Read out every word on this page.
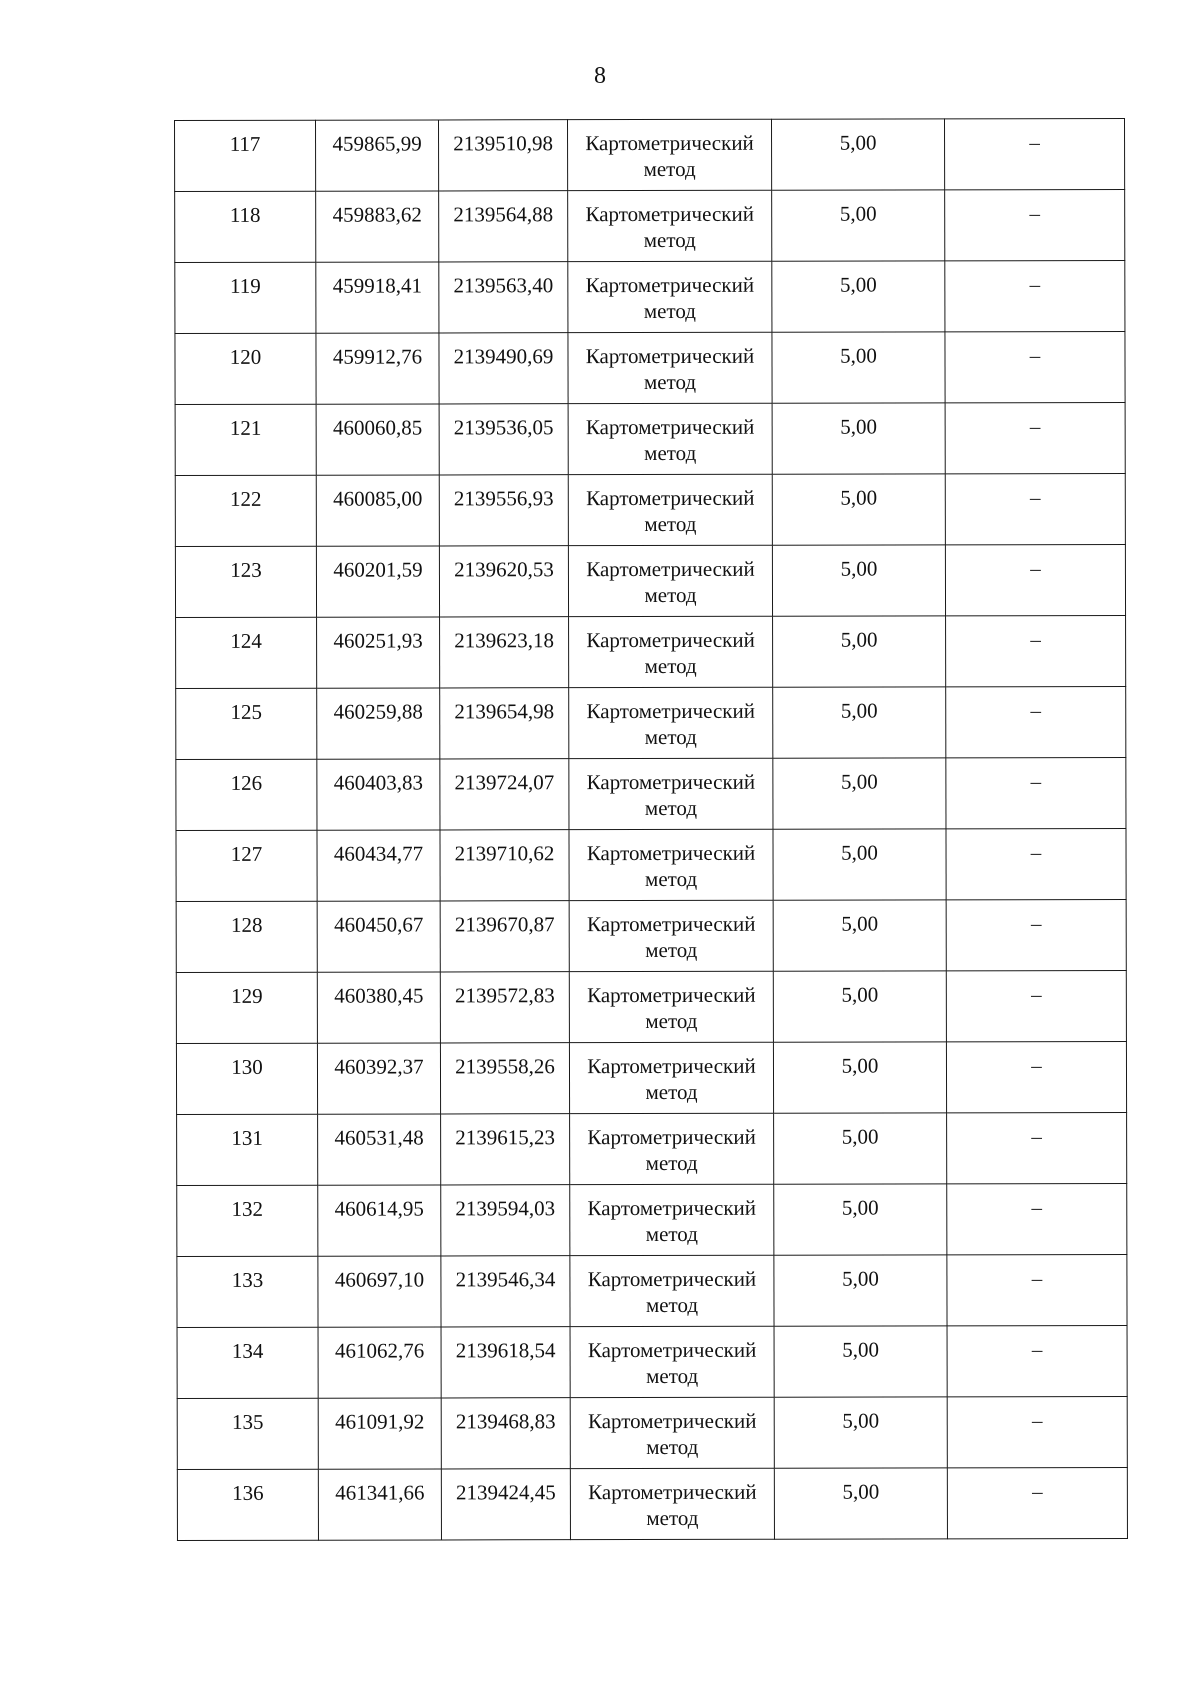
8
117	459865,99	2139510,98	Картометрический
метод	5,00	–
118	459883,62	2139564,88	Картометрический
метод	5,00	–
119	459918,41	2139563,40	Картометрический
метод	5,00	–
120	459912,76	2139490,69	Картометрический
метод	5,00	–
121	460060,85	2139536,05	Картометрический
метод	5,00	–
122	460085,00	2139556,93	Картометрический
метод	5,00	–
123	460201,59	2139620,53	Картометрический
метод	5,00	–
124	460251,93	2139623,18	Картометрический
метод	5,00	–
125	460259,88	2139654,98	Картометрический
метод	5,00	–
126	460403,83	2139724,07	Картометрический
метод	5,00	–
127	460434,77	2139710,62	Картометрический
метод	5,00	–
128	460450,67	2139670,87	Картометрический
метод	5,00	–
129	460380,45	2139572,83	Картометрический
метод	5,00	–
130	460392,37	2139558,26	Картометрический
метод	5,00	–
131	460531,48	2139615,23	Картометрический
метод	5,00	–
132	460614,95	2139594,03	Картометрический
метод	5,00	–
133	460697,10	2139546,34	Картометрический
метод	5,00	–
134	461062,76	2139618,54	Картометрический
метод	5,00	–
135	461091,92	2139468,83	Картометрический
метод	5,00	–
136	461341,66	2139424,45	Картометрический
метод	5,00	–
